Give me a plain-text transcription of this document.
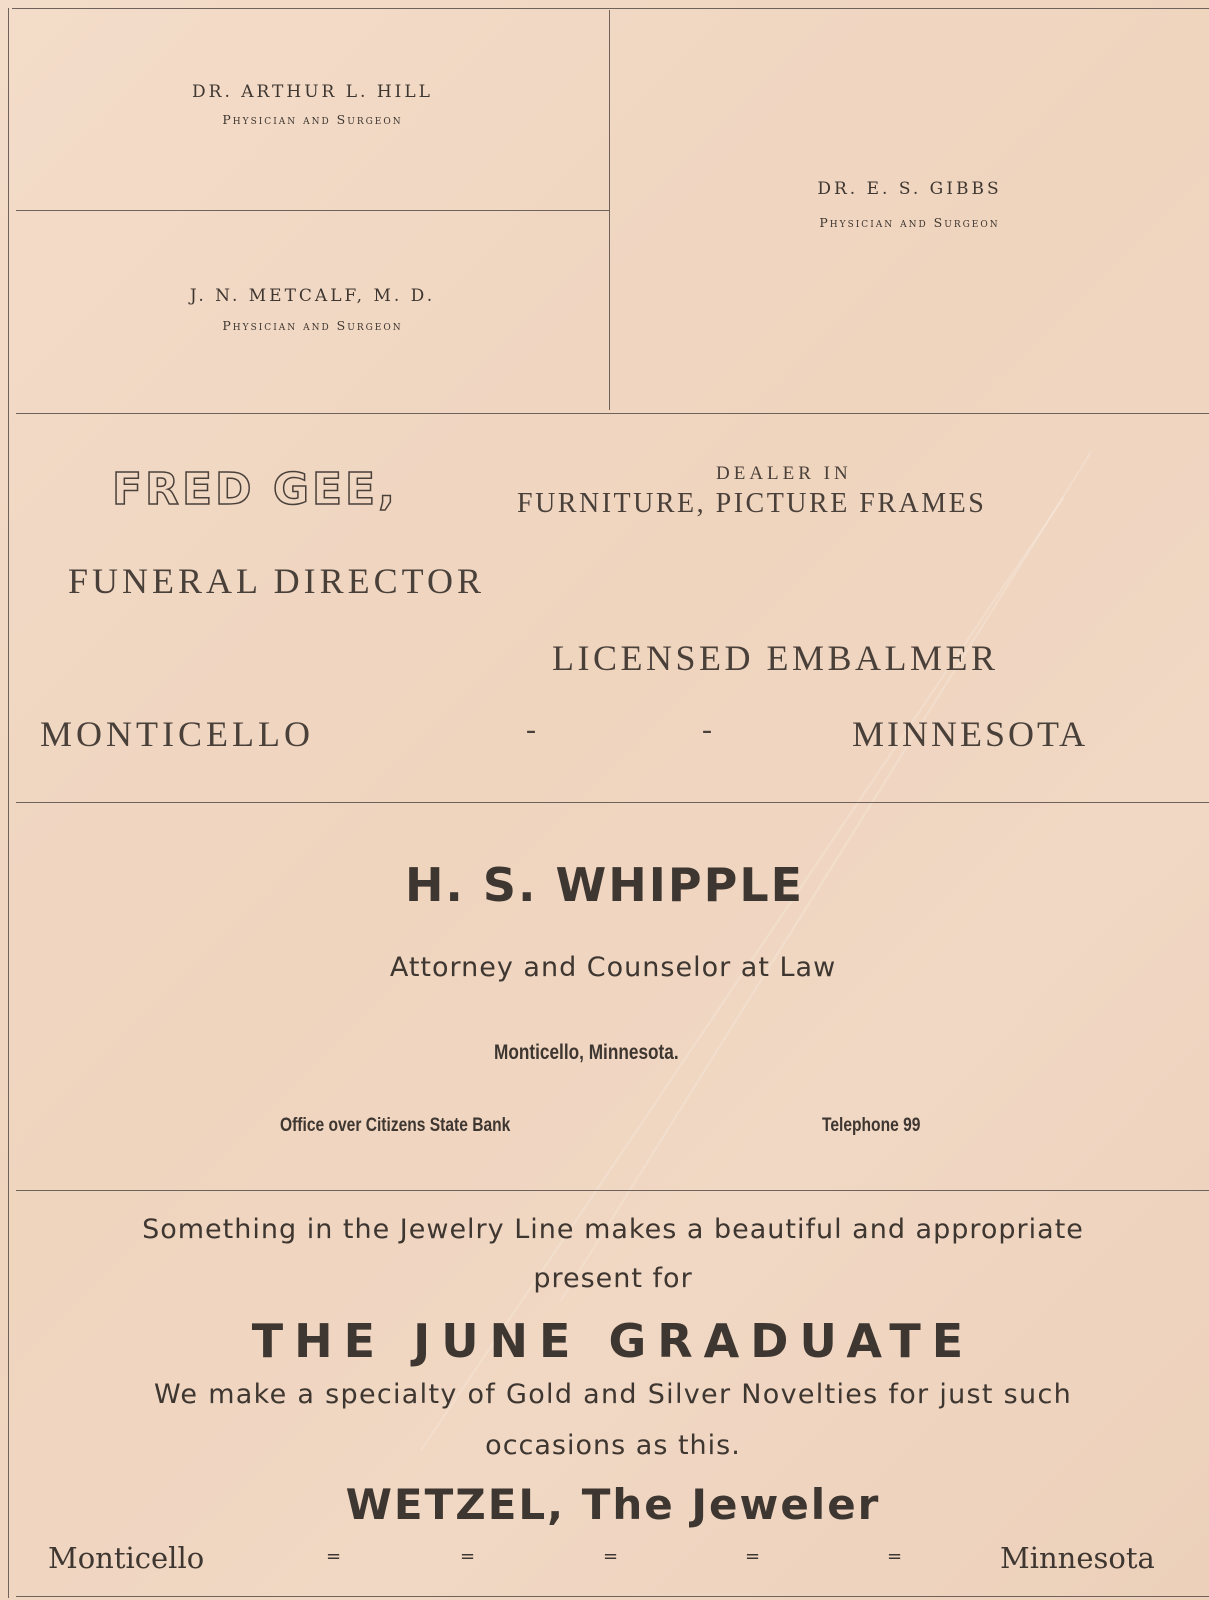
DR. ARTHUR L. HILL
Physician and Surgeon
J. N. METCALF, M. D.
Physician and Surgeon
DR. E. S. GIBBS
Physician and Surgeon
FRED GEE,	DEALER IN
FURNITURE, PICTURE FRAMES
FUNERAL DIRECTOR
LICENSED EMBALMER
MONTICELLO	-	-	MINNESOTA
H. S. WHIPPLE
Attorney and Counselor at Law
Monticello, Minnesota.
Office over Citizens State Bank	Telephone 99
Something in the Jewelry Line makes a beautiful and appropriate
present for
THE JUNE GRADUATE
We make a specialty of Gold and Silver Novelties for just such
occasions as this.
WETZEL, The Jeweler
Monticello	=	=	=	=	=	Minnesota
